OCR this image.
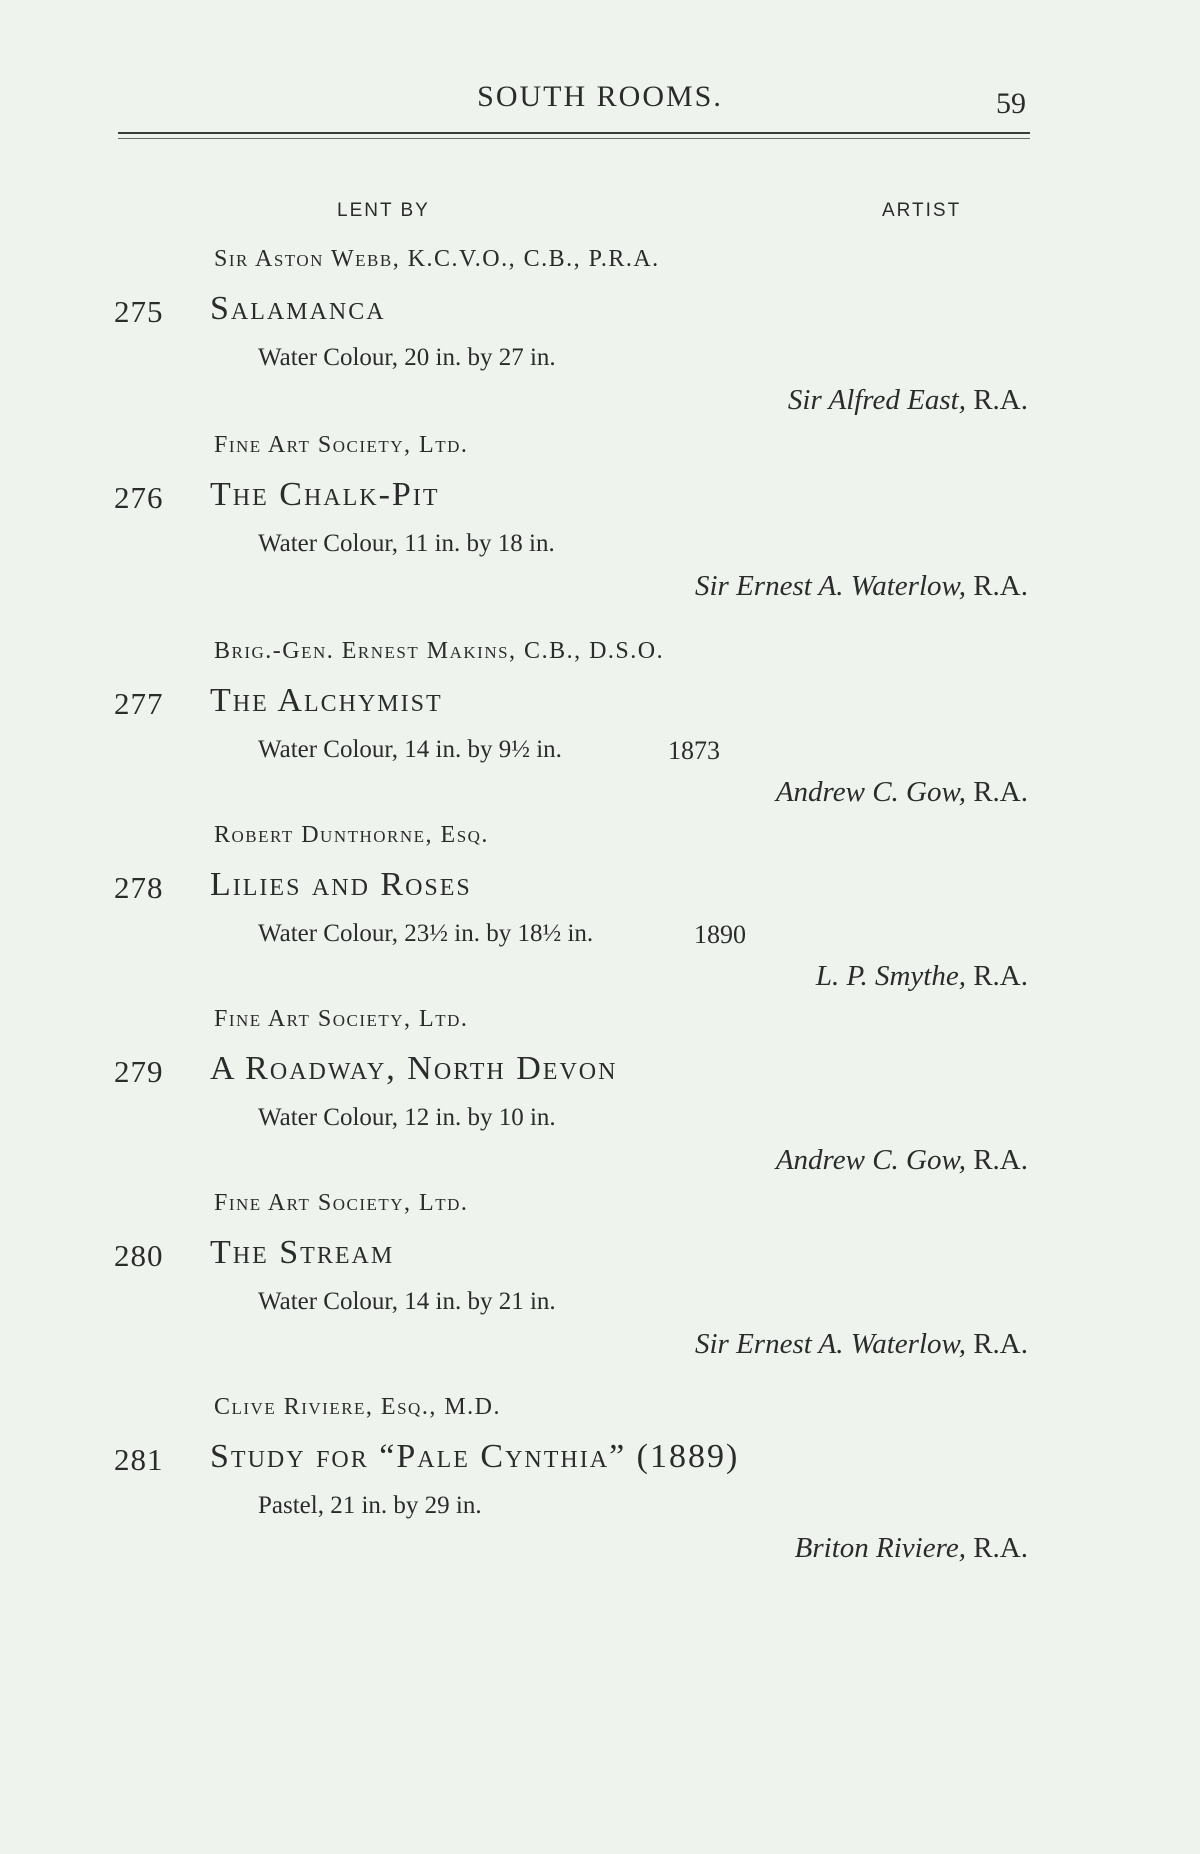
SOUTH ROOMS.	59
LENT BY	ARTIST
Sir Aston Webb, K.C.V.O., C.B., P.R.A.
275 Salamanca
Water Colour, 20 in. by 27 in.
Sir Alfred East, R.A.
Fine Art Society, Ltd.
276 The Chalk-Pit
Water Colour, 11 in. by 18 in.
Sir Ernest A. Waterlow, R.A.
Brig.-Gen. Ernest Makins, C.B., D.S.O.
277 The Alchymist
Water Colour, 14 in. by 9½ in.	1873
Andrew C. Gow, R.A.
Robert Dunthorne, Esq.
278 Lilies and Roses
Water Colour, 23½ in. by 18½ in.	1890
L. P. Smythe, R.A.
Fine Art Society, Ltd.
279 A Roadway, North Devon
Water Colour, 12 in. by 10 in.
Andrew C. Gow, R.A.
Fine Art Society, Ltd.
280 The Stream
Water Colour, 14 in. by 21 in.
Sir Ernest A. Waterlow, R.A.
Clive Riviere, Esq., M.D.
281 Study for “Pale Cynthia” (1889)
Pastel, 21 in. by 29 in.
Briton Riviere, R.A.
